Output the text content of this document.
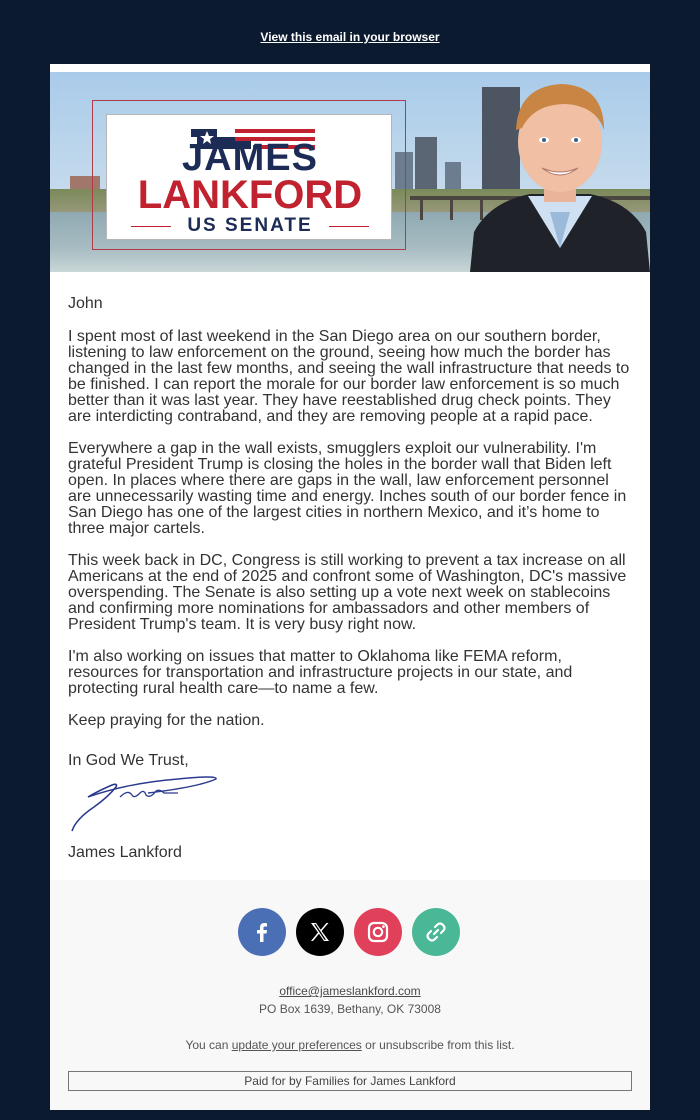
View this email in your browser
JAMES
LANKFORD
US SENATE

John

I spent most of last weekend in the San Diego area on our southern border, listening to law enforcement on the ground, seeing how much the border has changed in the last few months, and seeing the wall infrastructure that needs to be finished. I can report the morale for our border law enforcement is so much better than it was last year. They have reestablished drug check points. They are interdicting contraband, and they are removing people at a rapid pace.

Everywhere a gap in the wall exists, smugglers exploit our vulnerability. I'm grateful President Trump is closing the holes in the border wall that Biden left open. In places where there are gaps in the wall, law enforcement personnel are unnecessarily wasting time and energy. Inches south of our border fence in San Diego has one of the largest cities in northern Mexico, and it’s home to three major cartels.

This week back in DC, Congress is still working to prevent a tax increase on all Americans at the end of 2025 and confront some of Washington, DC's massive overspending. The Senate is also setting up a vote next week on stablecoins and confirming more nominations for ambassadors and other members of President Trump's team. It is very busy right now.

I'm also working on issues that matter to Oklahoma like FEMA reform, resources for transportation and infrastructure projects in our state, and protecting rural health care—to name a few.

Keep praying for the nation.

In God We Trust,

James Lankford

office@jameslankford.com
PO Box 1639, Bethany, OK 73008
You can update your preferences or unsubscribe from this list.
Paid for by Families for James Lankford
